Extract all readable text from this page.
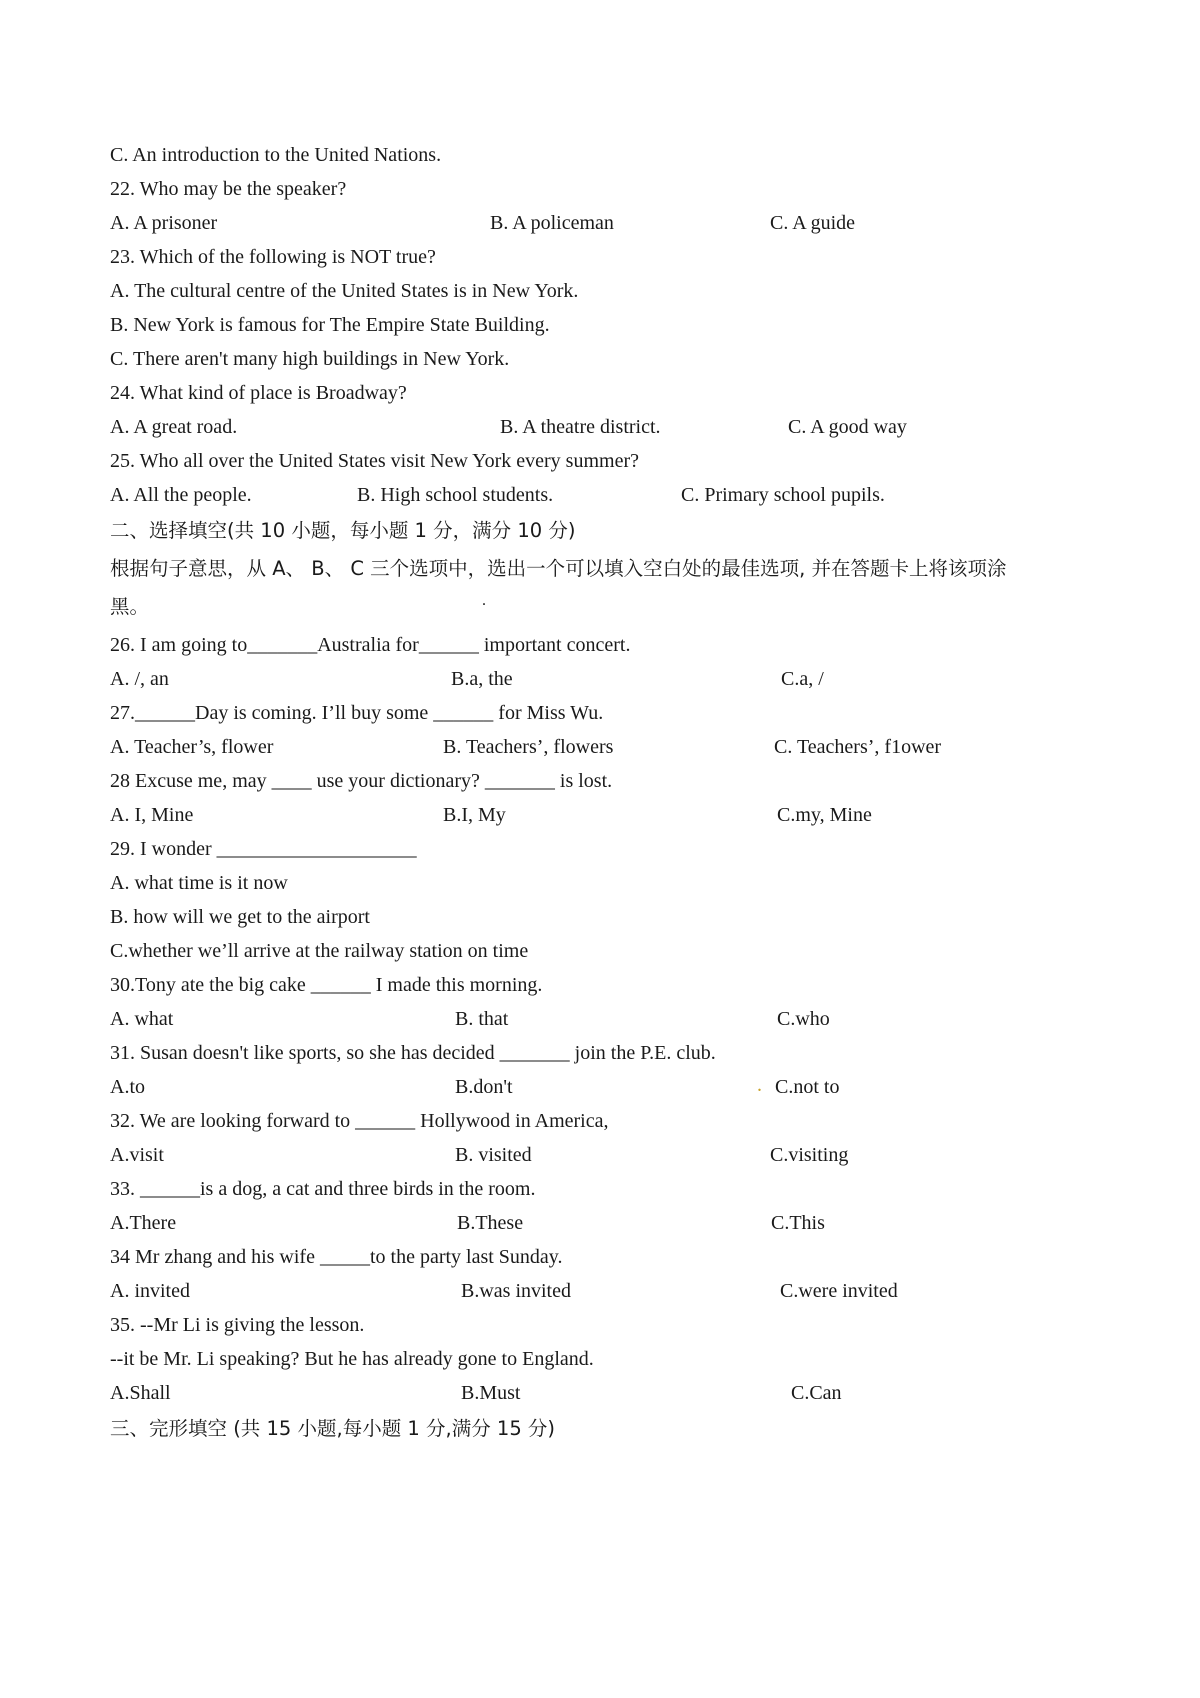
C. An introduction to the United Nations.
22. Who may be the speaker?
A. A prisoner	B. A policeman	C. A guide
23. Which of the following is NOT true?
A. The cultural centre of the United States is in New York.
B. New York is famous for The Empire State Building.
C. There aren't many high buildings in New York.
24. What kind of place is Broadway?
A. A great road.	B. A theatre district.	C. A good way
25. Who all over the United States visit New York every summer?
A. All the people.	B. High school students.	C. Primary school pupils.
二、选择填空(共 10 小题，每小题 1 分，满分 10 分)
根据句子意思，从 A、 B、 C 三个选项中，选出一个可以填入空白处的最佳选项, 并在答题卡上将该项涂
黑。	.
26. I am going to_______Australia for______ important concert.
A. /, an	B.a, the	C.a, /
27.______Day is coming. I’ll buy some ______ for Miss Wu.
A. Teacher’s, flower	B. Teachers’, flowers	C. Teachers’, f1ower
28 Excuse me, may ____ use your dictionary? _______ is lost.
A. I, Mine	B.I, My	C.my, Mine
29. I wonder ____________________
A. what time is it now
B. how will we get to the airport
C.whether we’ll arrive at the railway station on time
30.Tony ate the big cake ______ I made this morning.
A. what	B. that	C.who
31. Susan doesn't like sports, so she has decided _______ join the P.E. club.
A.to	B.don't	. C.not to
32. We are looking forward to ______ Hollywood in America,
A.visit	B. visited	C.visiting
33. ______is a dog, a cat and three birds in the room.
A.There	B.These	C.This
34 Mr zhang and his wife _____to the party last Sunday.
A. invited	B.was invited	C.were invited
35. --Mr Li is giving the lesson.
--it be Mr. Li speaking? But he has already gone to England.
A.Shall	B.Must	C.Can
三、完形填空 (共 15 小题,每小题 1 分,满分 15 分)
